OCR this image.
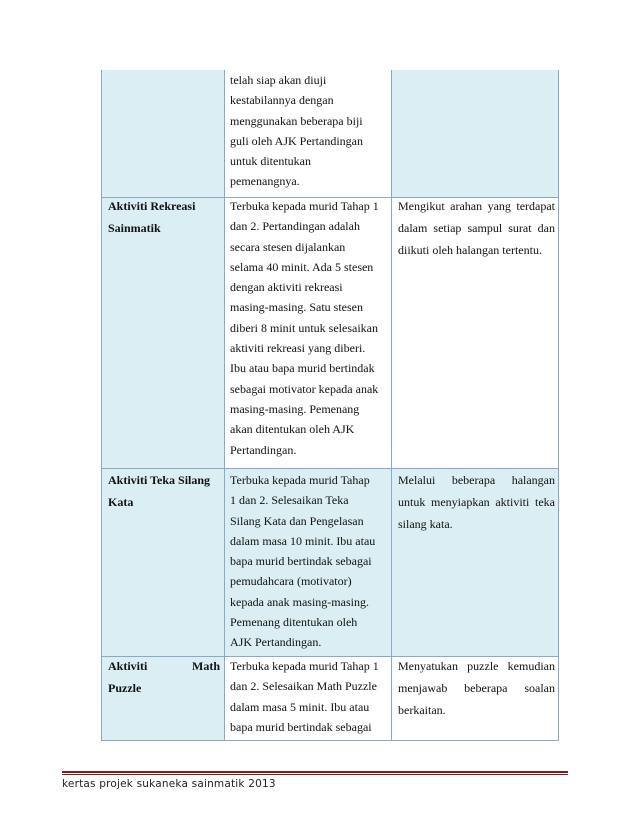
telah siap akan diuji
kestabilannya dengan
menggunakan beberapa biji
guli oleh AJK Pertandingan
untuk ditentukan
pemenangnya.
Aktiviti Rekreasi
Sainmatik
Terbuka kepada murid Tahap 1
dan 2. Pertandingan adalah
secara stesen dijalankan
selama 40 minit. Ada 5 stesen
dengan aktiviti rekreasi
masing-masing. Satu stesen
diberi 8 minit untuk selesaikan
aktiviti rekreasi yang diberi.
Ibu atau bapa murid bertindak
sebagai motivator kepada anak
masing-masing. Pemenang
akan ditentukan oleh AJK
Pertandingan.
Mengikut arahan yang terdapat
dalam setiap sampul surat dan
diikuti oleh halangan tertentu.
Aktiviti Teka Silang
Kata
Terbuka kepada murid Tahap
1 dan 2. Selesaikan Teka
Silang Kata dan Pengelasan
dalam masa 10 minit. Ibu atau
bapa murid bertindak sebagai
pemudahcara (motivator)
kepada anak masing-masing.
Pemenang ditentukan oleh
AJK Pertandingan.
Melalui beberapa halangan
untuk menyiapkan aktiviti teka
silang kata.
Aktiviti Math
Puzzle
Terbuka kepada murid Tahap 1
dan 2. Selesaikan Math Puzzle
dalam masa 5 minit. Ibu atau
bapa murid bertindak sebagai
Menyatukan puzzle kemudian
menjawab beberapa soalan
berkaitan.
kertas projek sukaneka sainmatik 2013
